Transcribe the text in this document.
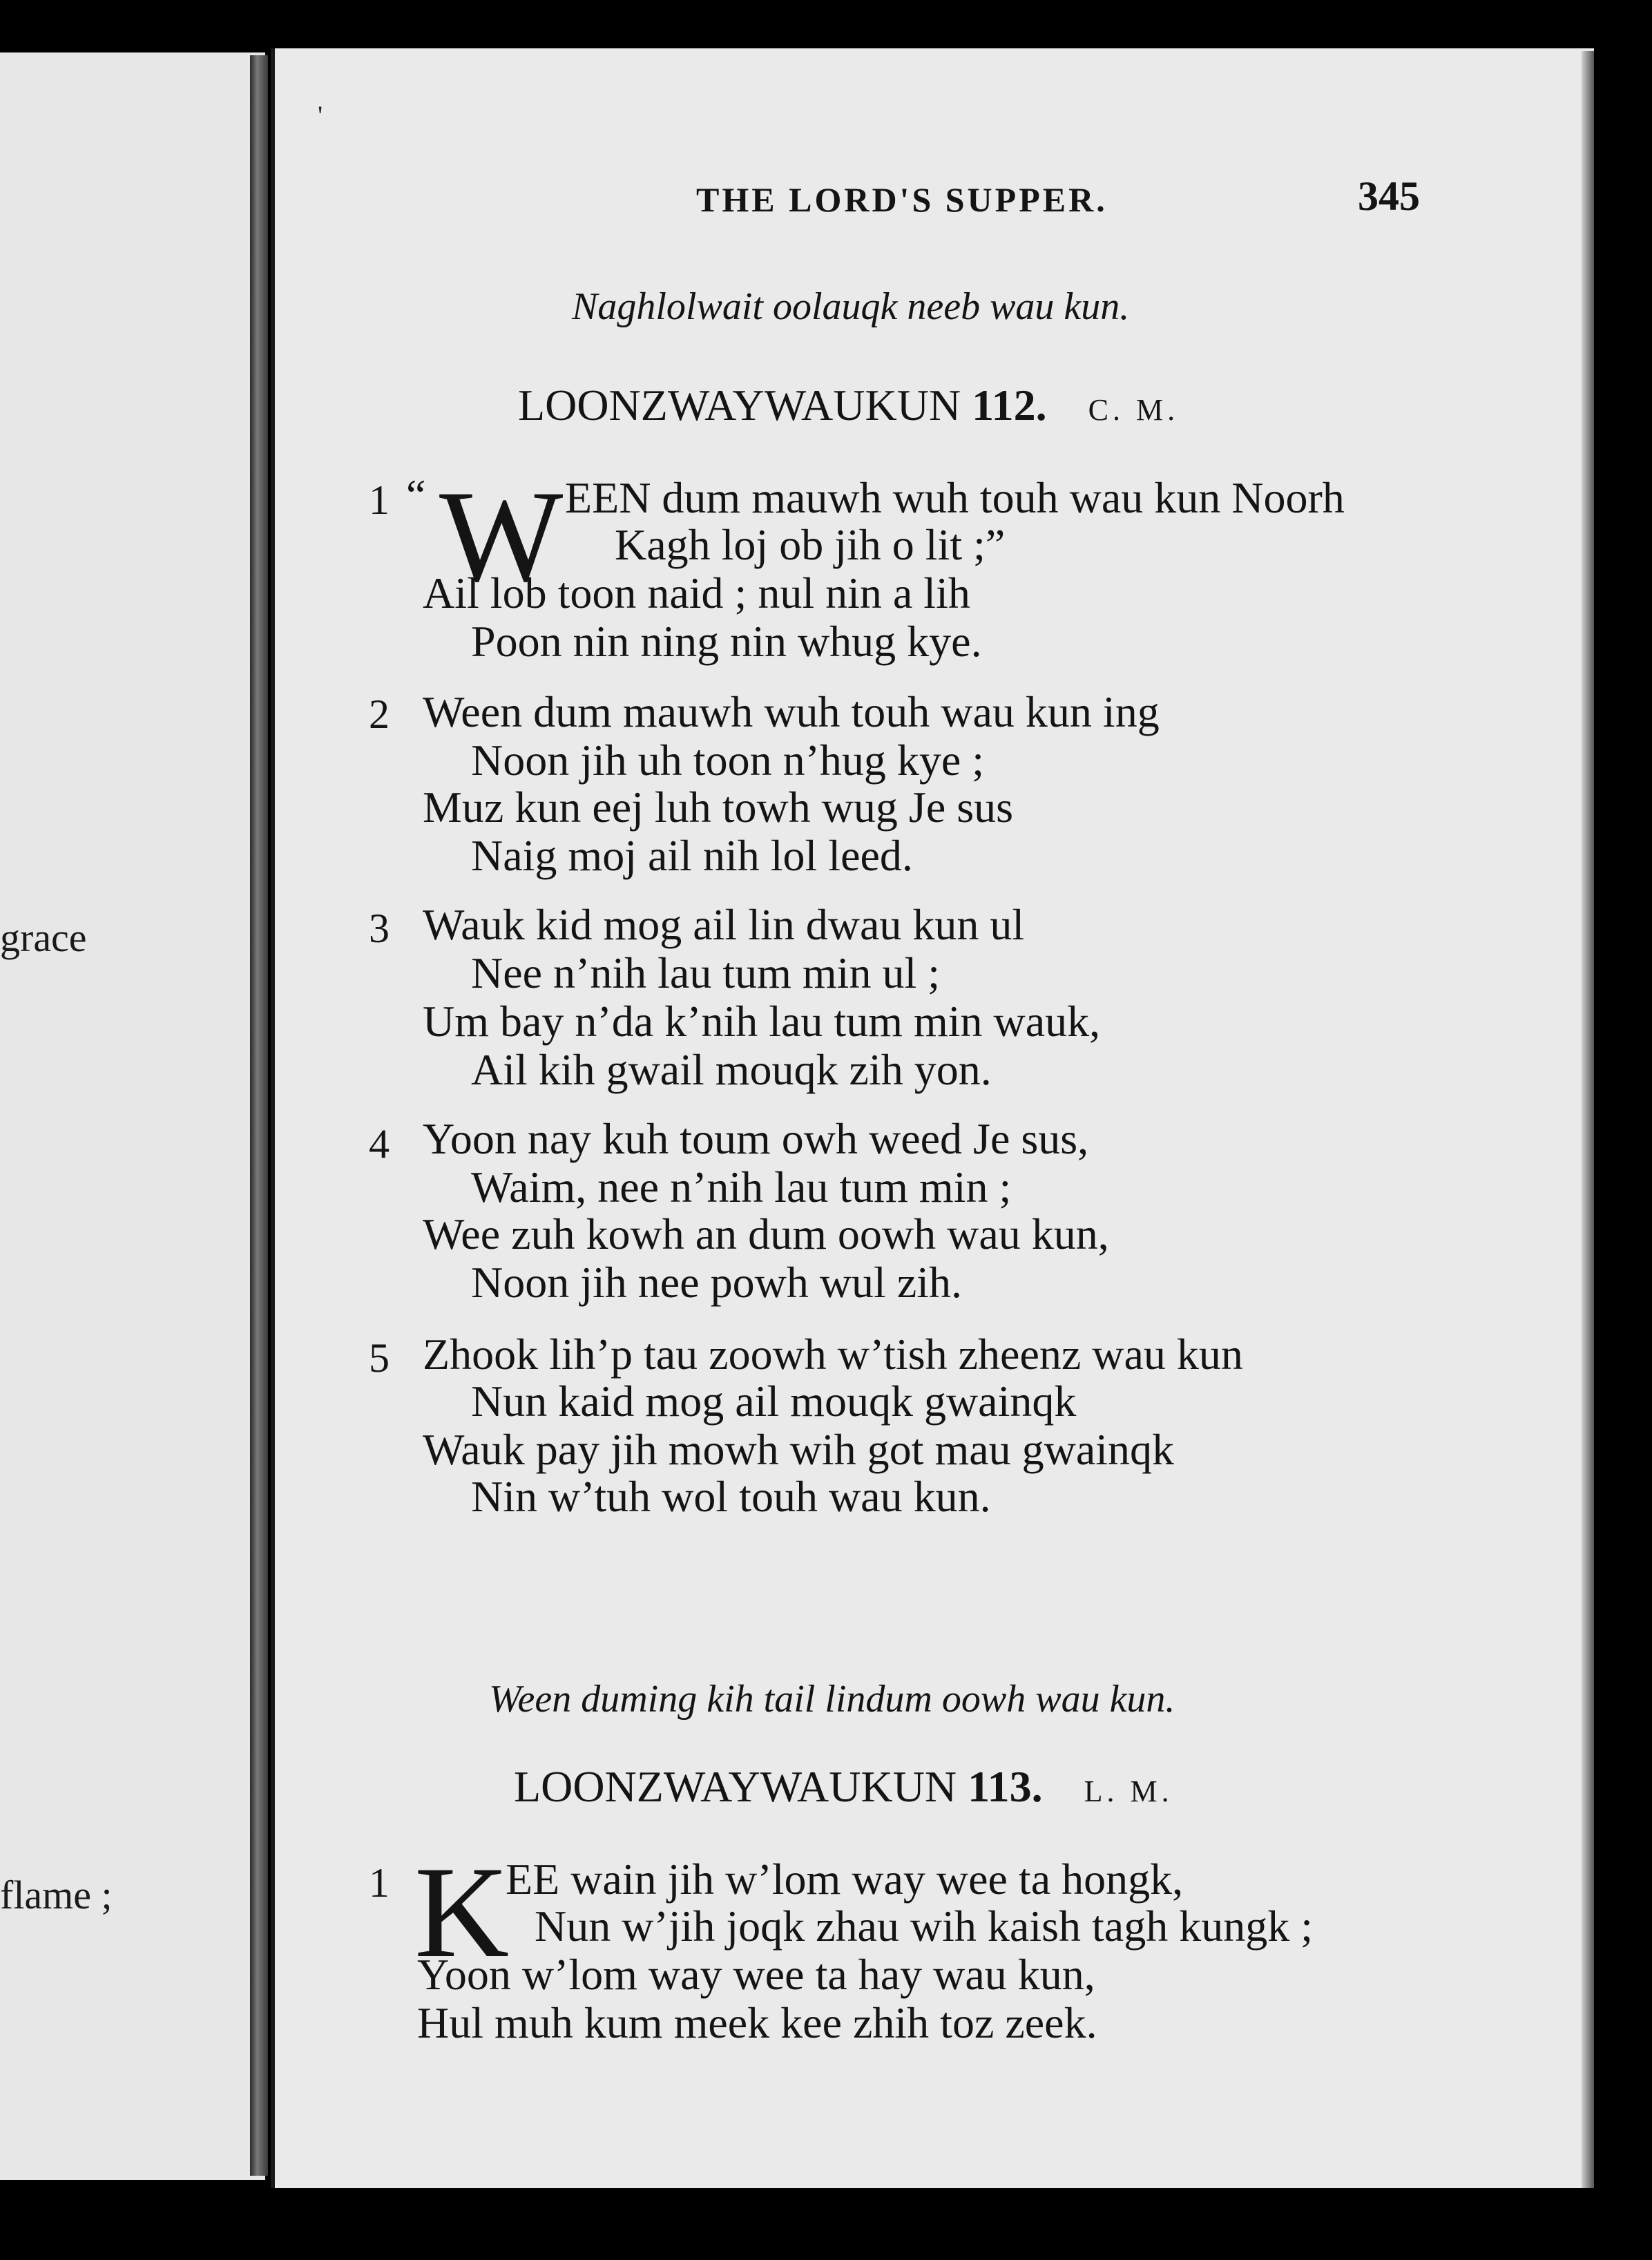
grace
flame ;
THE LORD'S SUPPER.	345
'
Naghlolwait oolauqk neeb wau kun.
LOONZWAYWAUKUN 112. C. M.
1 “ W EEN dum mauwh wuh touh wau kun Noorh
Kagh loj ob jih o lit ;”
Ail lob toon naid ; nul nin a lih
Poon nin ning nin whug kye.
2 Ween dum mauwh wuh touh wau kun ing
Noon jih uh toon n’hug kye ;
Muz kun eej luh towh wug Je sus
Naig moj ail nih lol leed.
3 Wauk kid mog ail lin dwau kun ul
Nee n’nih lau tum min ul ;
Um bay n’da k’nih lau tum min wauk,
Ail kih gwail mouqk zih yon.
4 Yoon nay kuh toum owh weed Je sus,
Waim, nee n’nih lau tum min ;
Wee zuh kowh an dum oowh wau kun,
Noon jih nee powh wul zih.
5 Zhook lih’p tau zoowh w’tish zheenz wau kun
Nun kaid mog ail mouqk gwainqk
Wauk pay jih mowh wih got mau gwainqk
Nin w’tuh wol touh wau kun.
Ween duming kih tail lindum oowh wau kun.
LOONZWAYWAUKUN 113. L. M.
1 K
EE wain jih w’lom way wee ta hongk,
Nun w’jih joqk zhau wih kaish tagh kungk ;
Yoon w’lom way wee ta hay wau kun,
Hul muh kum meek kee zhih toz zeek.
